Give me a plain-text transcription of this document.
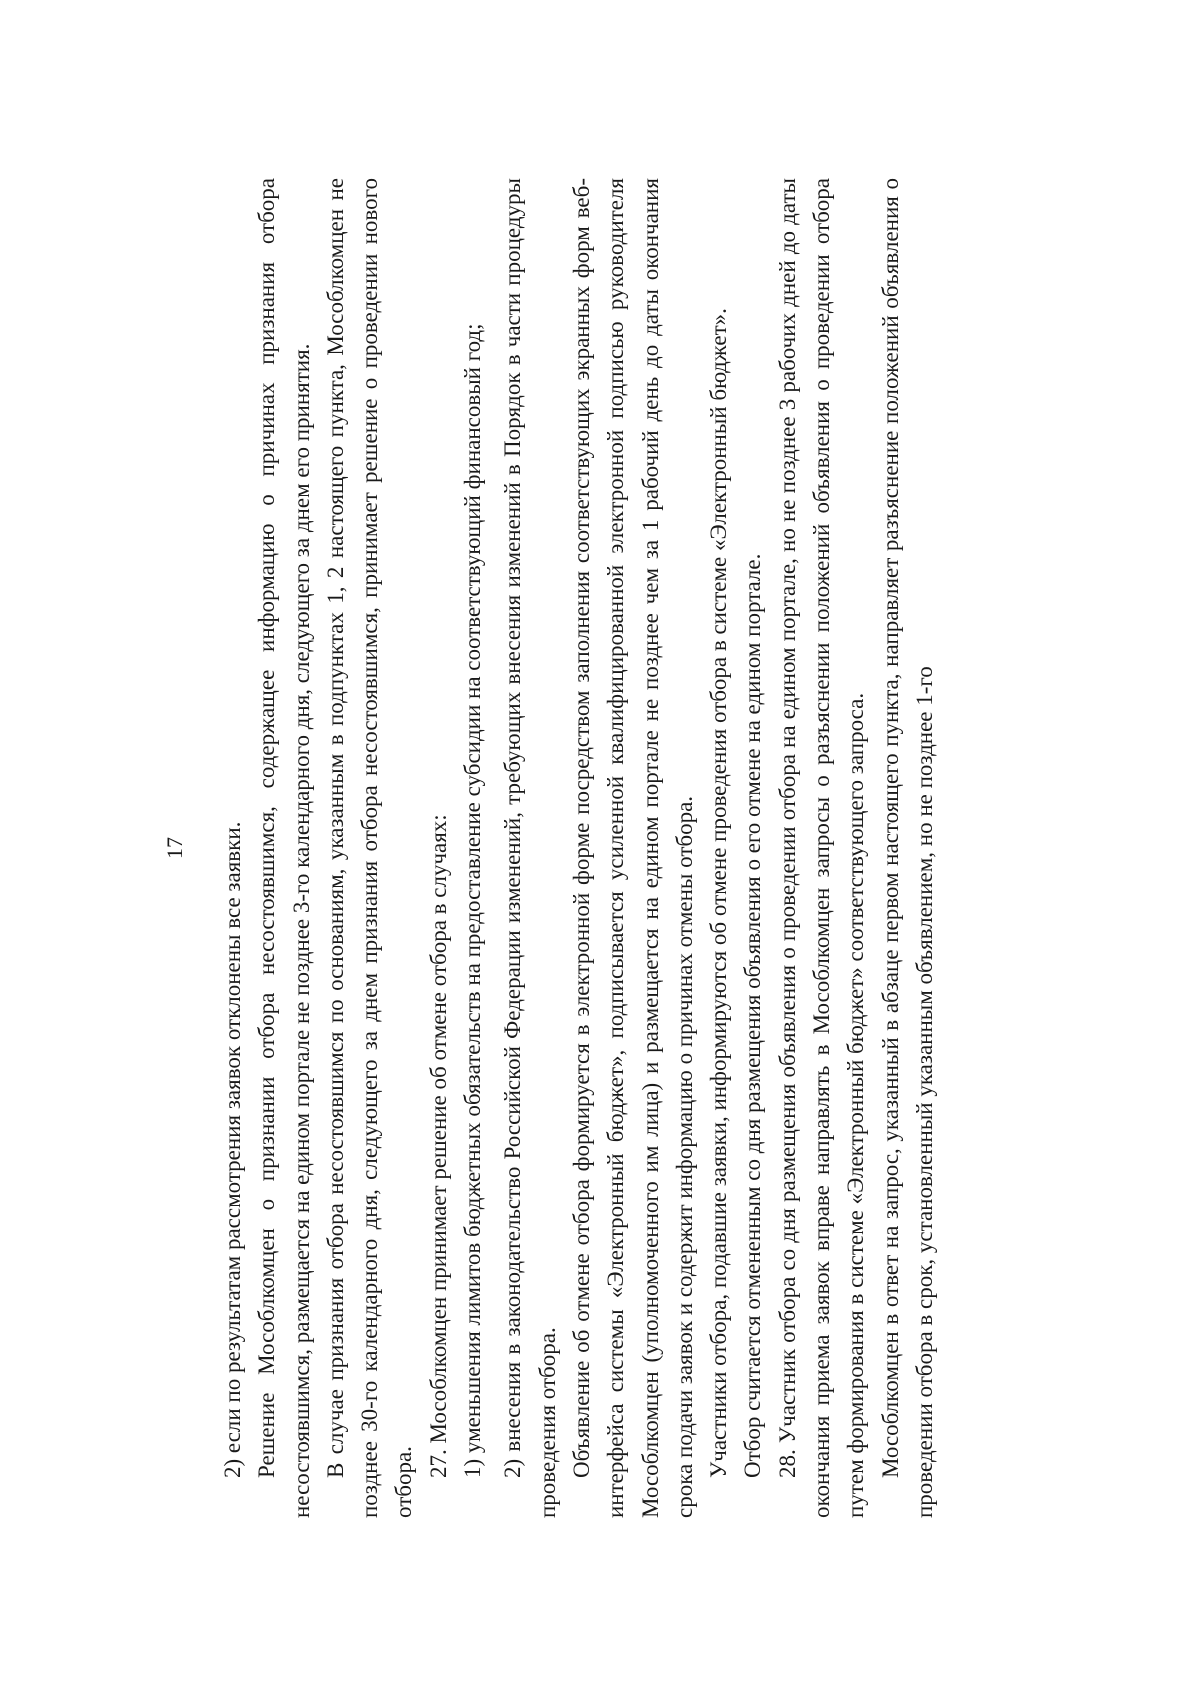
17 2) если по результатам рассмотрения заявок отклонены все заявки. Решение Мособлкомцен о признании отбора несостоявшимся, содержащее информацию о причинах признания отбора несостоявшимся, размещается на едином портале не позднее 3-го календарного дня, следующего за днем его принятия. В случае признания отбора несостоявшимся по основаниям, указанным в подпунктах 1, 2 настоящего пункта, Мособлкомцен не позднее 30-го календарного дня, следующего за днем признания отбора несостоявшимся, принимает решение о проведении нового отбора.

27. Мособлкомцен принимает решение об отмене отбора в случаях: 1) уменьшения лимитов бюджетных обязательств на предоставление субсидии на соответствующий финансовый год; 2) внесения в законодательство Российской Федерации изменений, требующих внесения изменений в Порядок в части процедуры проведения отбора. Объявление об отмене отбора формируется в электронной форме посредством заполнения соответствующих экранных форм веб-интерфейса системы «Электронный бюджет», подписывается усиленной квалифицированной электронной подписью руководителя Мособлкомцен (уполномоченного им лица) и размещается на едином портале не позднее чем за 1 рабочий день до даты окончания срока подачи заявок и содержит информацию о причинах отмены отбора. Участники отбора, подавшие заявки, информируются об отмене проведения отбора в системе «Электронный бюджет». Отбор считается отмененным со дня размещения объявления о его отмене на едином портале. 28. Участник отбора со дня размещения объявления о проведении отбора на едином портале, но не позднее 3 рабочих дней до даты окончания приема заявок вправе направлять в Мособлкомцен запросы о разъяснении положений объявления о проведении отбора путем формирования в системе «Электронный бюджет» соответствующего запроса. Мособлкомцен в ответ на запрос, указанный в абзаце первом настоящего пункта, направляет разъяснение положений объявления о проведении отбора в срок, установленный указанным объявлением, но не позднее 1-го
